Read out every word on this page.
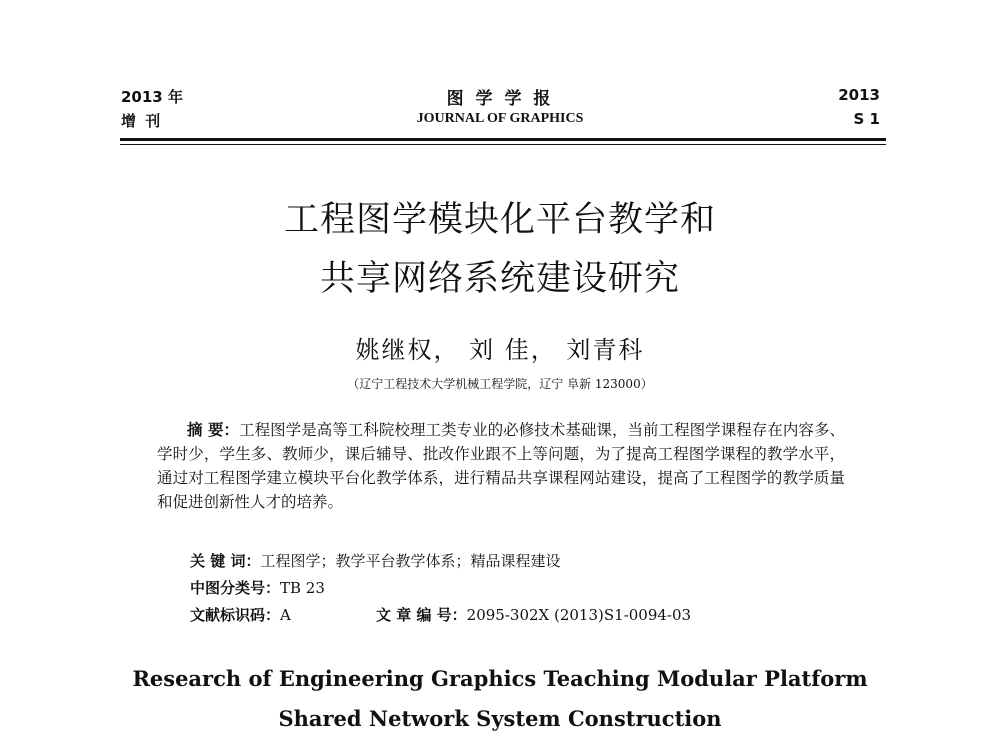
2013 年
增 刊
图 学 学 报
JOURNAL OF GRAPHICS
2013
S 1
工程图学模块化平台教学和
共享网络系统建设研究
姚继权， 刘 佳， 刘青科
（辽宁工程技术大学机械工程学院，辽宁 阜新 123000）
摘 要：工程图学是高等工科院校理工类专业的必修技术基础课，当前工程图学课程存在内容多、学时少，学生多、教师少，课后辅导、批改作业跟不上等问题，为了提高工程图学课程的教学水平，通过对工程图学建立模块平台化教学体系，进行精品共享课程网站建设，提高了工程图学的教学质量和促进创新性人才的培养。
关 键 词：工程图学；教学平台教学体系；精品课程建设
中图分类号：TB 23
文献标识码：A	文 章 编 号：2095-302X (2013)S1-0094-03
Research of Engineering Graphics Teaching Modular Platform
Shared Network System Construction
